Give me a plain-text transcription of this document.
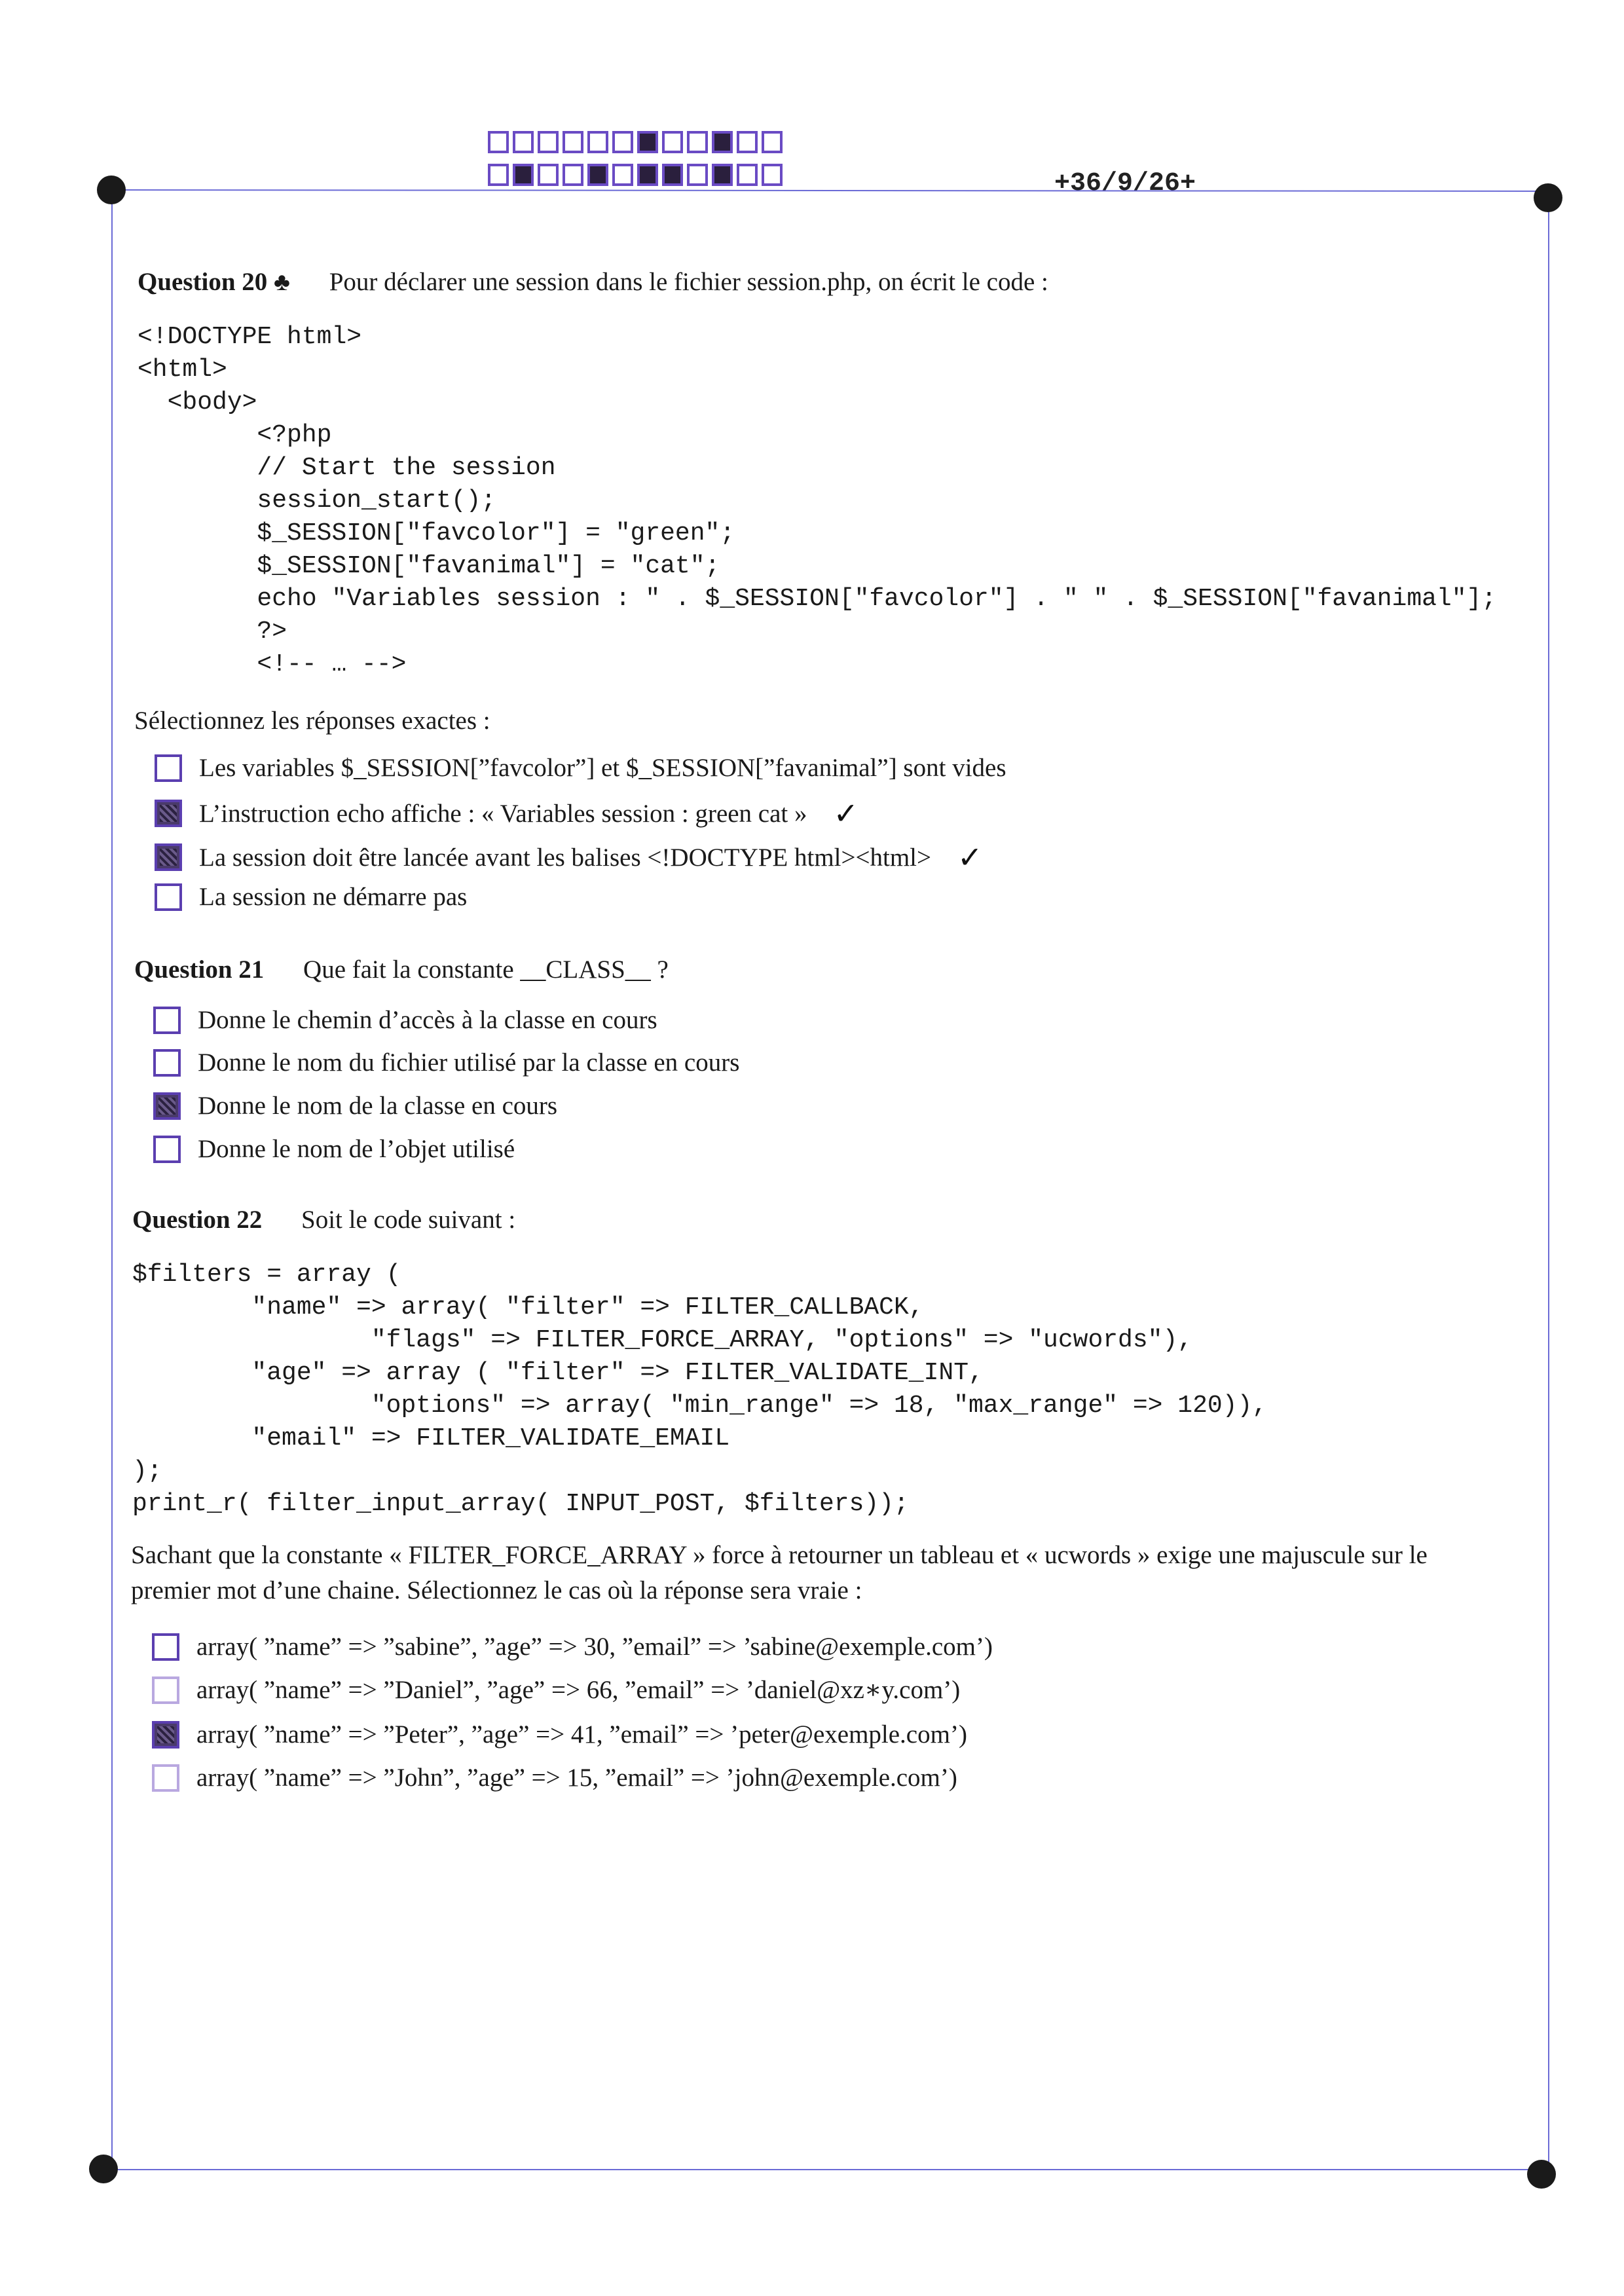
+36/9/26+
Question 20 ♣ Pour déclarer une session dans le fichier session.php, on écrit le code :
<!DOCTYPE html>
<html>
<body>
<?php
// Start the session
session_start();
$_SESSION["favcolor"] = "green";
$_SESSION["favanimal"] = "cat";
echo "Variables session : " . $_SESSION["favcolor"] . " " . $_SESSION["favanimal"];
?>
<!-- … -->
Sélectionnez les réponses exactes :
Les variables $_SESSION[”favcolor”] et $_SESSION[”favanimal”] sont vides
L’instruction echo affiche : « Variables session : green cat » ✓
La session doit être lancée avant les balises <!DOCTYPE html><html> ✓
La session ne démarre pas
Question 21 Que fait la constante __CLASS__ ?
Donne le chemin d’accès à la classe en cours
Donne le nom du fichier utilisé par la classe en cours
Donne le nom de la classe en cours
Donne le nom de l’objet utilisé
Question 22 Soit le code suivant :
$filters = array (
"name" => array( "filter" => FILTER_CALLBACK,
"flags" => FILTER_FORCE_ARRAY, "options" => "ucwords"),
"age" => array ( "filter" => FILTER_VALIDATE_INT,
"options" => array( "min_range" => 18, "max_range" => 120)),
"email" => FILTER_VALIDATE_EMAIL
);
print_r( filter_input_array( INPUT_POST, $filters));
Sachant que la constante « FILTER_FORCE_ARRAY » force à retourner un tableau et « ucwords » exige une majuscule sur le
premier mot d’une chaine. Sélectionnez le cas où la réponse sera vraie :
array( ”name” => ”sabine”, ”age” => 30, ”email” => ’sabine@exemple.com’)
array( ”name” => ”Daniel”, ”age” => 66, ”email” => ’daniel@xz∗y.com’)
array( ”name” => ”Peter”, ”age” => 41, ”email” => ’peter@exemple.com’)
array( ”name” => ”John”, ”age” => 15, ”email” => ’john@exemple.com’)
